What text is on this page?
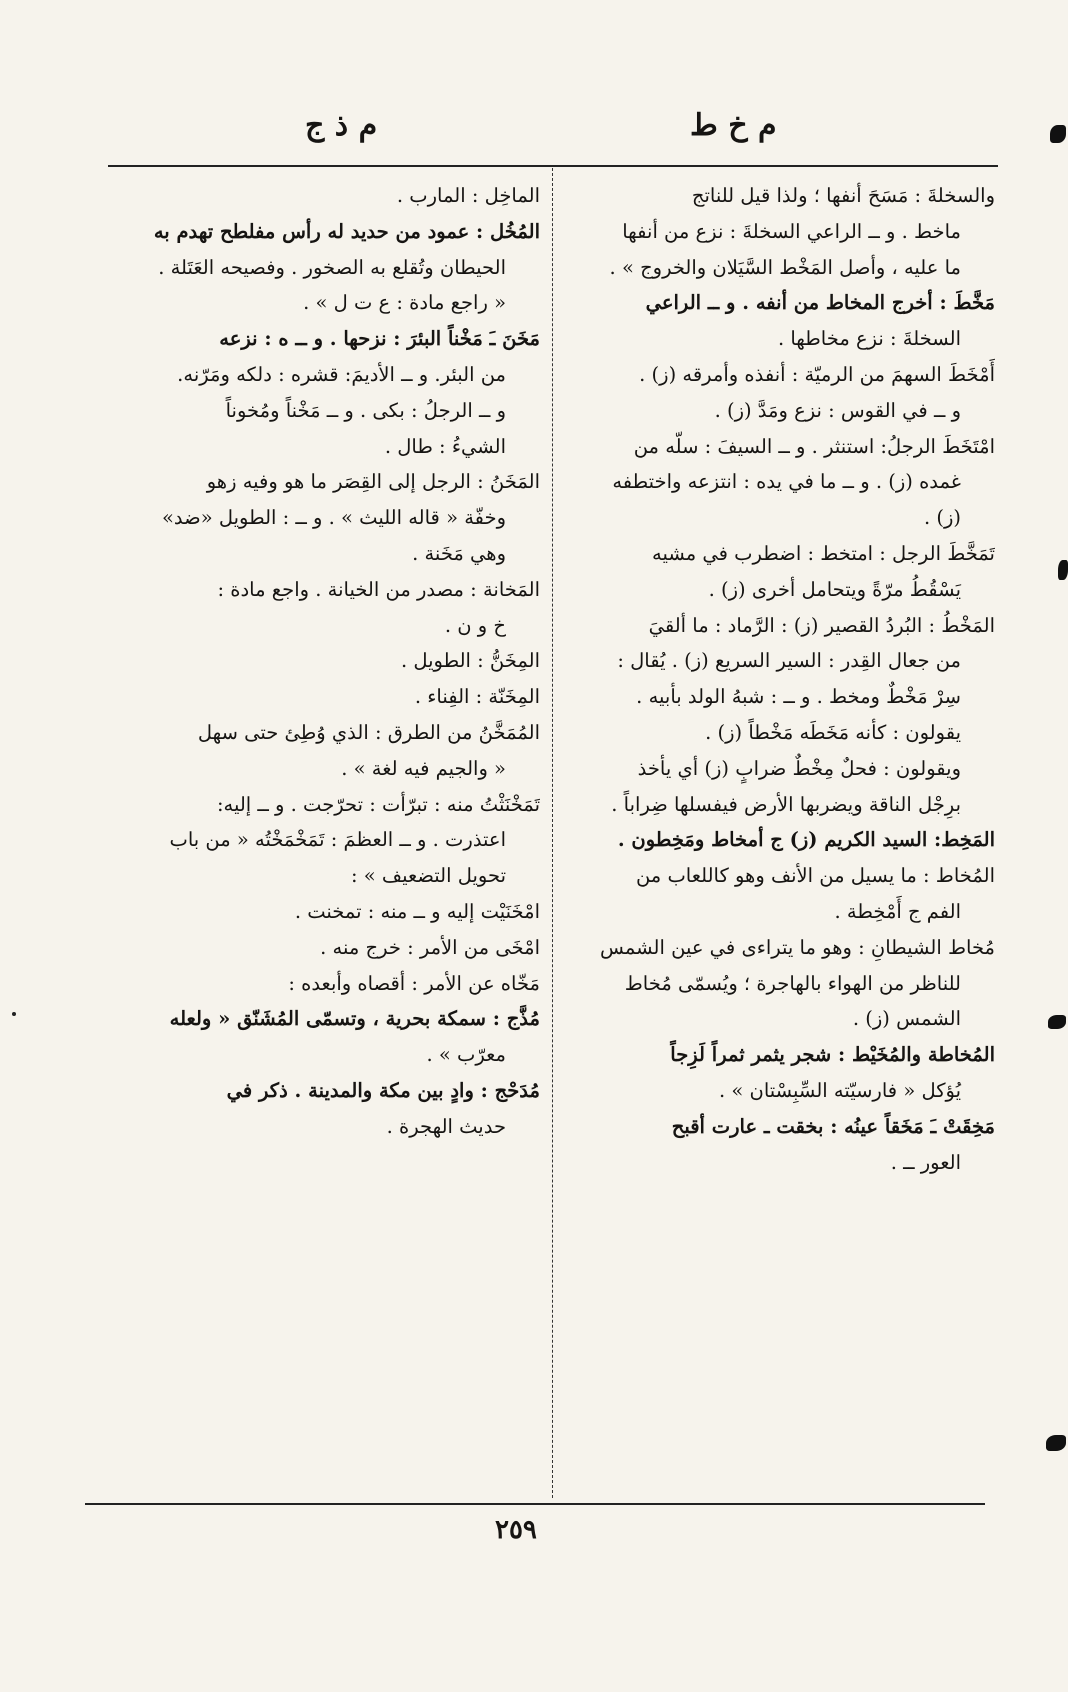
م خ ط
م ذ ج
والسخلةَ : مَسَحَ أنفها ؛ ولذا قيل للناتج
ماخط . و ــ الراعي السخلةَ : نزع من أنفها
ما عليه ، وأصل المَخْط السَّيَلان والخروج » .
مَخَّطَ : أخرج المخاط من أنفه . و ــ الراعي
السخلةَ : نزع مخاطها .
أَمْخَطَ السهمَ من الرميّة : أنفذه وأمرقه (ز) .
و ــ في القوس : نزع ومَدَّ (ز) .
امْتَخَطَ الرجلُ: استنثر . و ــ السيفَ : سلّه من
غمده (ز) . و ــ ما في يده : انتزعه واختطفه
(ز) .
تَمَخَّطَ الرجل : امتخط : اضطرب في مشيه
يَسْقُطُ مرّةً ويتحامل أخرى (ز) .
المَخْطُ : البُردُ القصير (ز) : الرَّماد : ما ألقيَ
من جعال القِدر : السير السريع (ز) . يُقال :
سِرْ مَخْطٌ ومخط . و ــ : شبهُ الولد بأبيه .
يقولون : كأنه مَخَطَه مَخْطاً (ز) .
ويقولون : فحلٌ مِخْطٌ ضرابٍ (ز) أي يأخذ
برِجْل الناقة ويضربها الأرض فيفسلها ضِراباً .
المَخِط: السيد الكريم (ز) ج أمخاط ومَخِطون .
المُخاط : ما يسيل من الأنف وهو كاللعاب من
الفم ج أَمْخِطة .
مُخاط الشيطانِ : وهو ما يتراءى في عين الشمس
للناظر من الهواء بالهاجرة ؛ ويُسمّى مُخاط
الشمس (ز) .
المُخاطة والمُخَيْط : شجر يثمر ثمراً لَزِجاً
يُؤكل « فارسيّته السِّبِسْتان » .
مَخِقَتْ ـَ مَخَقاً عينُه : بخقت ـ عارت أقبح
العور ــ .
الماخِل : المارب .
المُخُل : عمود من حديد له رأس مفلطح تهدم به
الحيطان وتُقلع به الصخور . وفصيحه العَتَلة .
« راجع مادة : ع ت ل » .
مَخَنَ ـَ مَخْناً البئرَ : نزحها . و ــ ه : نزعه
من البئر. و ــ الأديمَ: قشره : دلكه ومَرّنه.
و ــ الرجلُ : بكى . و ــ مَخْناً ومُخوناً
الشيءُ : طال .
المَخَنُ : الرجل إلى القِصَر ما هو وفيه زهو
وخفّة « قاله الليث » . و ــ : الطويل «ضد»
وهي مَخَنة .
المَخانة : مصدر من الخيانة . واجع مادة :
خ و ن .
المِخَنُّ : الطويل .
المِخَنّة : الفِناء .
المُمَخَّنُ من الطرق : الذي وُطِئ حتى سهل
« والجيم فيه لغة » .
تَمَخْنَثْتُ منه : تبرّأت : تحرّجت . و ــ إليه:
اعتذرت . و ــ العظمَ : تَمَخْمَخْتُه « من باب
تحويل التضعيف » :
امْخَنَيْت إليه و ــ منه : تمخنت .
امْخَى من الأمر : خرج منه .
مَخّاه عن الأمر : أقصاه وأبعده :
مُذَّج : سمكة بحرية ، وتسمّى المُشَنّق « ولعله
معرّب » .
مُدَحْج : وادٍ بين مكة والمدينة . ذكر في
حديث الهجرة .
٢٥٩
